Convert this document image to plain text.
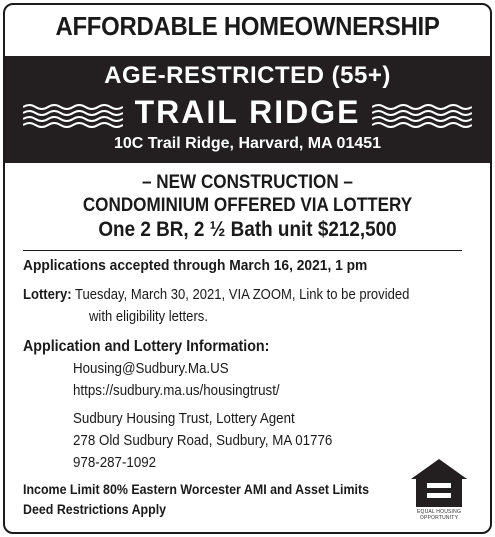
AFFORDABLE HOMEOWNERSHIP
AGE-RESTRICTED (55+)
TRAIL RIDGE
10C Trail Ridge, Harvard, MA 01451
– NEW CONSTRUCTION –
CONDOMINIUM OFFERED VIA LOTTERY
One 2 BR, 2 ½ Bath unit $212,500
Applications accepted through March 16, 2021, 1 pm
Lottery: Tuesday, March 30, 2021, VIA ZOOM, Link to be provided
with eligibility letters.
Application and Lottery Information:
Housing@Sudbury.Ma.US
https://sudbury.ma.us/housingtrust/
Sudbury Housing Trust, Lottery Agent
278 Old Sudbury Road, Sudbury, MA 01776
978-287-1092
Income Limit 80% Eastern Worcester AMI and Asset Limits
Deed Restrictions Apply	EQUAL HOUSING
OPPORTUNITY
